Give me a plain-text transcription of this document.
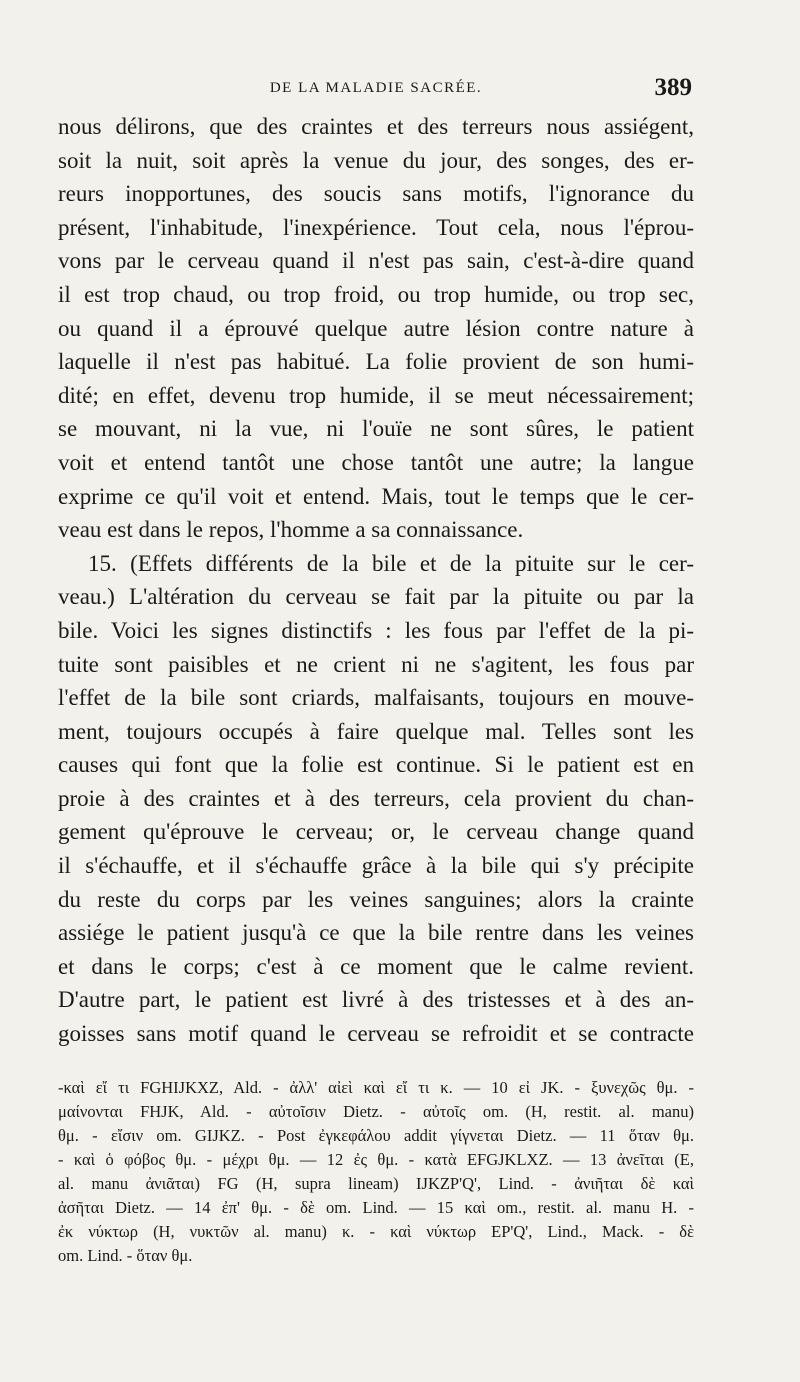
DE LA MALADIE SACRÉE.	389
nous délirons, que des craintes et des terreurs nous assiégent,
soit la nuit, soit après la venue du jour, des songes, des er-
reurs inopportunes, des soucis sans motifs, l'ignorance du
présent, l'inhabitude, l'inexpérience. Tout cela, nous l'éprou-
vons par le cerveau quand il n'est pas sain, c'est-à-dire quand
il est trop chaud, ou trop froid, ou trop humide, ou trop sec,
ou quand il a éprouvé quelque autre lésion contre nature à
laquelle il n'est pas habitué. La folie provient de son humi-
dité; en effet, devenu trop humide, il se meut nécessairement;
se mouvant, ni la vue, ni l'ouïe ne sont sûres, le patient
voit et entend tantôt une chose tantôt une autre; la langue
exprime ce qu'il voit et entend. Mais, tout le temps que le cer-
veau est dans le repos, l'homme a sa connaissance.
15. (Effets différents de la bile et de la pituite sur le cer-
veau.) L'altération du cerveau se fait par la pituite ou par la
bile. Voici les signes distinctifs : les fous par l'effet de la pi-
tuite sont paisibles et ne crient ni ne s'agitent, les fous par
l'effet de la bile sont criards, malfaisants, toujours en mouve-
ment, toujours occupés à faire quelque mal. Telles sont les
causes qui font que la folie est continue. Si le patient est en
proie à des craintes et à des terreurs, cela provient du chan-
gement qu'éprouve le cerveau; or, le cerveau change quand
il s'échauffe, et il s'échauffe grâce à la bile qui s'y précipite
du reste du corps par les veines sanguines; alors la crainte
assiége le patient jusqu'à ce que la bile rentre dans les veines
et dans le corps; c'est à ce moment que le calme revient.
D'autre part, le patient est livré à des tristesses et à des an-
goisses sans motif quand le cerveau se refroidit et se contracte
-καὶ εἴ τι FGHIJKXZ, Ald. - ἀλλ' αἰεὶ καὶ εἴ τι κ. — 10 εἰ JK. - ξυνεχῶς θμ. -
μαίνονται FHJK, Ald. - αὐτοῖσιν Dietz. - αὐτοῖς om. (H, restit. al. manu)
θμ. - εἴσιν om. GIJKZ. - Post ἐγκεφάλου addit γίγνεται Dietz. — 11 ὅταν θμ.
- καὶ ὁ φόβος θμ. - μέχρι θμ. — 12 ἐς θμ. - κατὰ EFGJKLXZ. — 13 ἀνεῖται (E,
al. manu ἀνιᾶται) FG (H, supra lineam) IJKZP'Q', Lind. - ἀνιῆται δὲ καὶ
ἀσῆται Dietz. — 14 ἐπ' θμ. - δὲ om. Lind. — 15 καὶ om., restit. al. manu H. -
ἐκ νύκτωρ (H, νυκτῶν al. manu) κ. - καὶ νύκτωρ EP'Q', Lind., Mack. - δὲ
om. Lind. - ὅταν θμ.
